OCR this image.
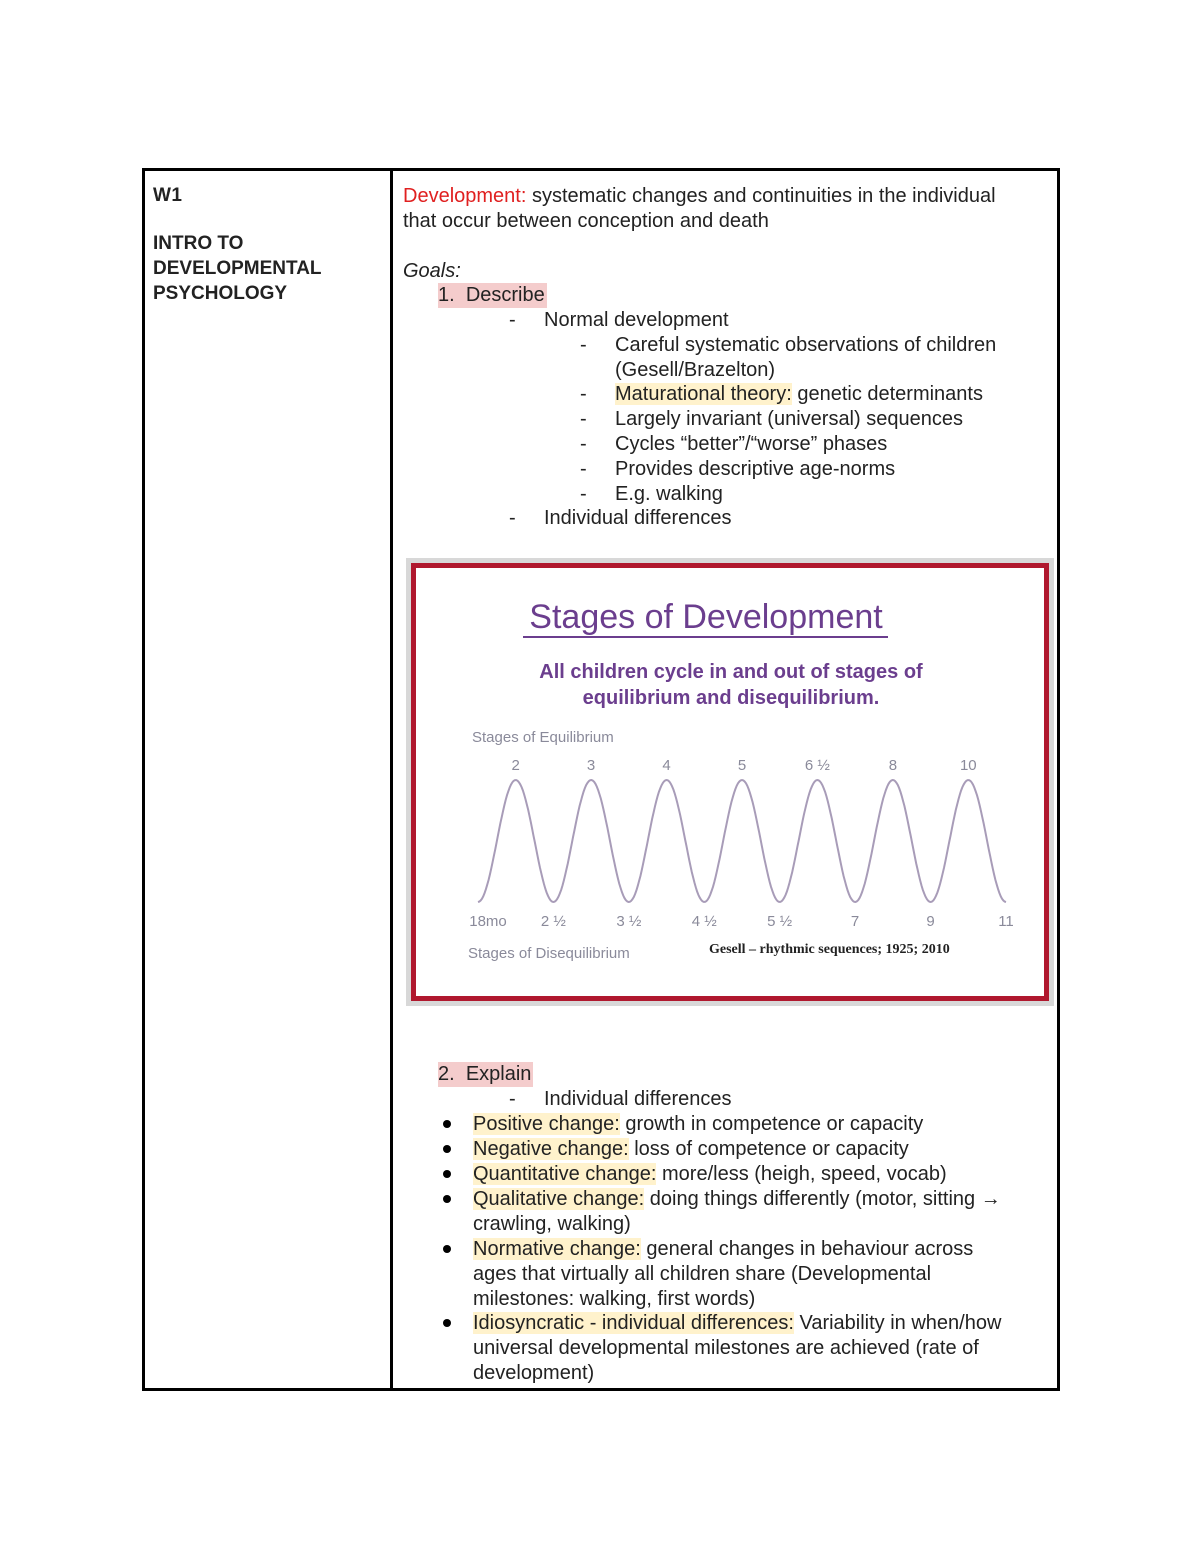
W1
INTRO TO
DEVELOPMENTAL
PSYCHOLOGY
Development: systematic changes and continuities in the individual
that occur between conception and death
Goals:
1. Describe
- Normal development
- Careful systematic observations of children
(Gesell/Brazelton)
- Maturational theory: genetic determinants
- Largely invariant (universal) sequences
- Cycles “better”/“worse” phases
- Provides descriptive age-norms
- E.g. walking
- Individual differences
Stages of Development
All children cycle in and out of stages of
equilibrium and disequilibrium.
Stages of Equilibrium
2	3	4	5	6 ½	8	10
18mo 2 ½	3 ½	4 ½	5 ½	7	9	11
Stages of Disequilibrium	Gesell – rhythmic sequences; 1925; 2010
2. Explain
- Individual differences
Positive change: growth in competence or capacity
Negative change: loss of competence or capacity
Quantitative change: more/less (heigh, speed, vocab)
Qualitative change: doing things differently (motor, sitting →
crawling, walking)
Normative change: general changes in behaviour across
ages that virtually all children share (Developmental
milestones: walking, first words)
Idiosyncratic - individual differences: Variability in when/how
universal developmental milestones are achieved (rate of
development)
